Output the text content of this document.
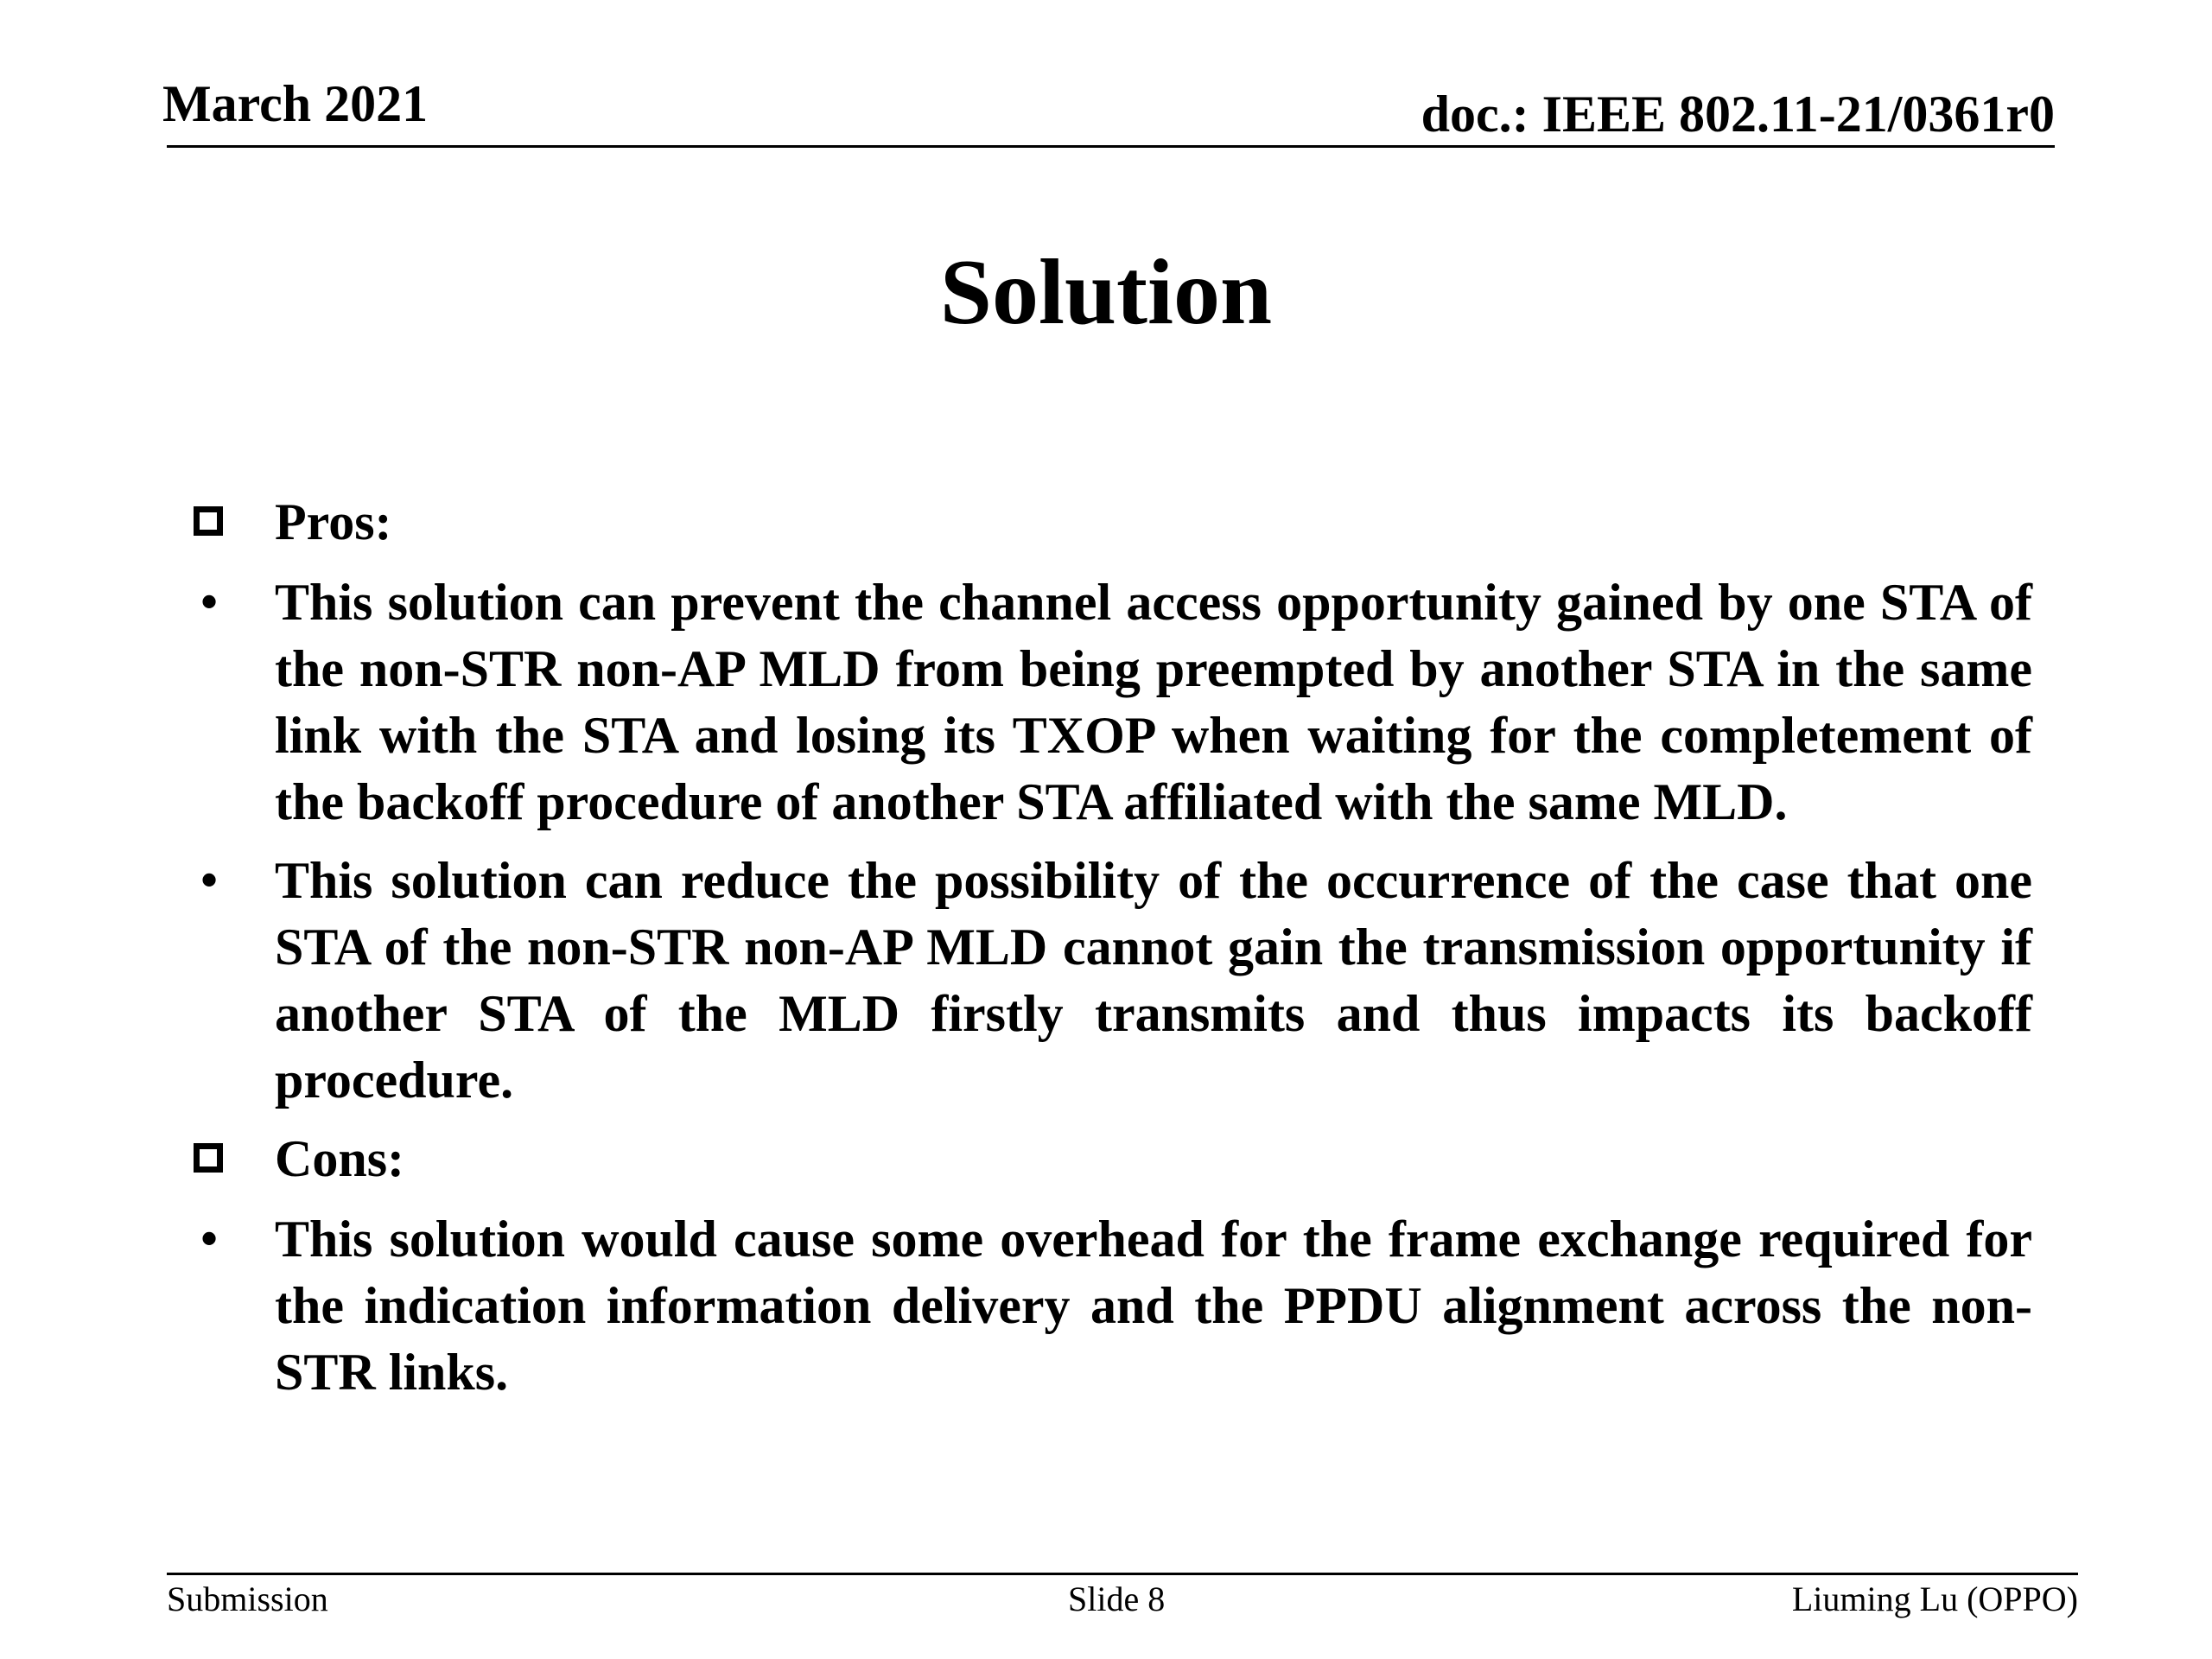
March 2021	doc.: IEEE 802.11-21/0361r0
Solution
Pros:
• This solution can prevent the channel access opportunity gained by one STA of the non-STR non-AP MLD from being preempted by another STA in the same link with the STA and losing its TXOP when waiting for the completement of the backoff procedure of another STA affiliated with the same MLD.
• This solution can reduce the possibility of the occurrence of the case that one STA of the non-STR non-AP MLD cannot gain the transmission opportunity if another STA of the MLD firstly transmits and thus impacts its backoff procedure.
Cons:
• This solution would cause some overhead for the frame exchange required for the indication information delivery and the PPDU alignment across the non-STR links.
Submission	Slide 8	Liuming Lu (OPPO)
